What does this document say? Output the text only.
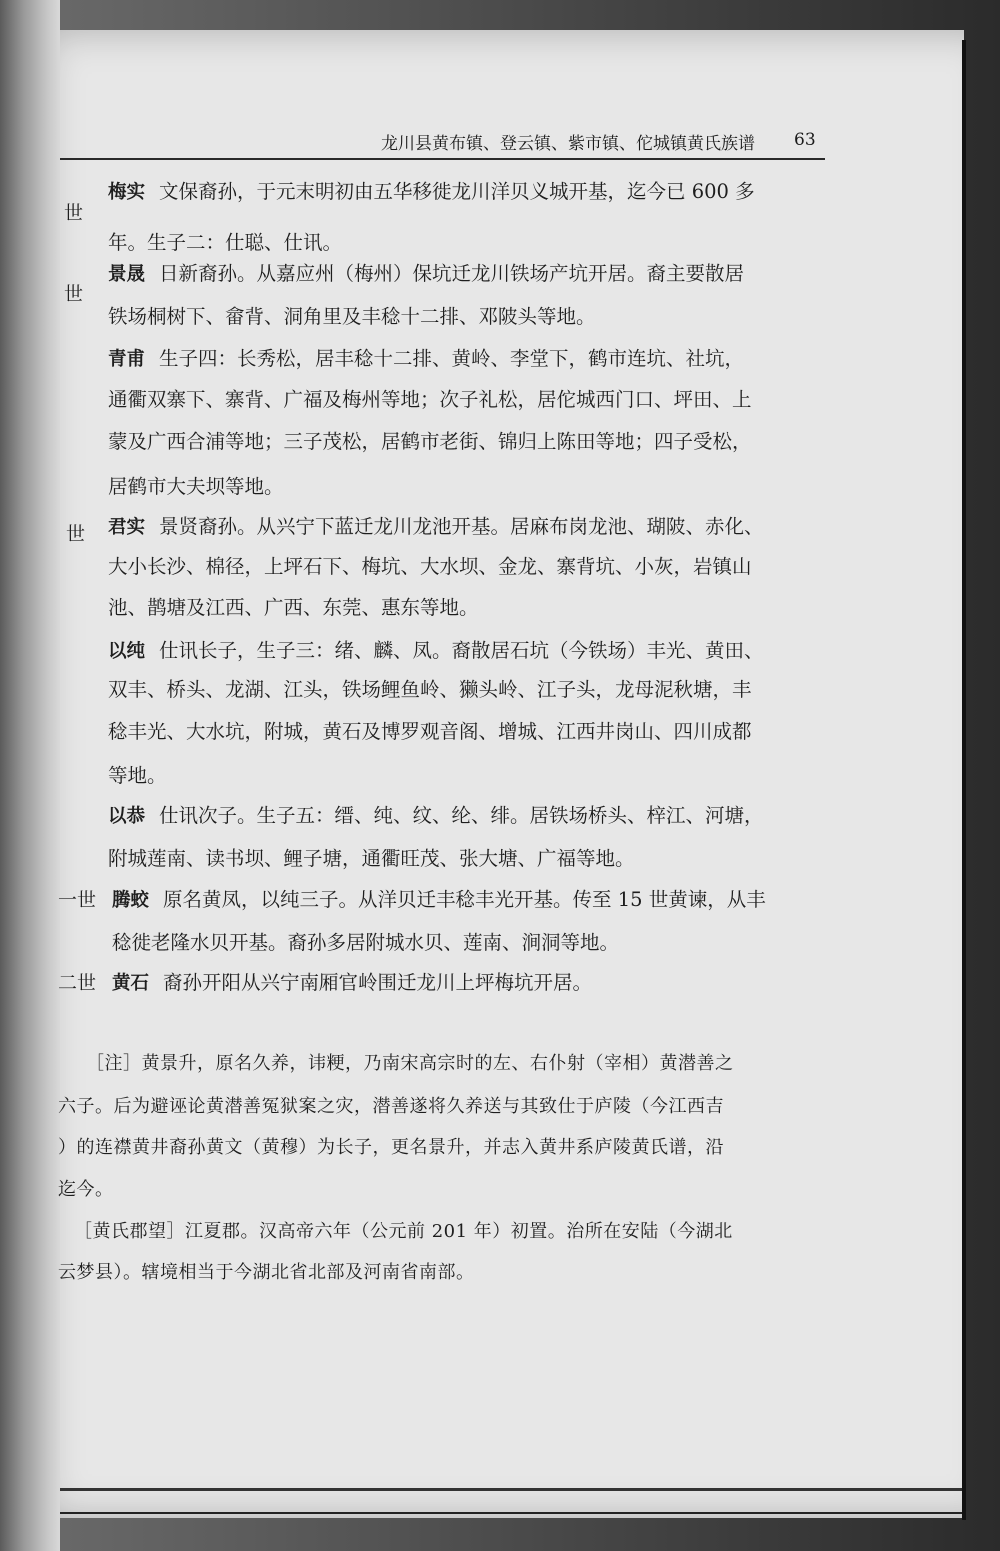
龙川县黄布镇、登云镇、紫市镇、佗城镇黄氏族谱	63
世
梅实 文保裔孙，于元末明初由五华移徙龙川洋贝义城开基，迄今已 600 多
年。生子二：仕聪、仕讯。
世
景晟 日新裔孙。从嘉应州（梅州）保坑迁龙川铁场产坑开居。裔主要散居
铁场桐树下、畲背、洞角里及丰稔十二排、邓陂头等地。
青甫 生子四：长秀松，居丰稔十二排、黄岭、李堂下，鹤市连坑、社坑，
通衢双寨下、寨背、广福及梅州等地；次子礼松，居佗城西门口、坪田、上
蒙及广西合浦等地；三子茂松，居鹤市老街、锦归上陈田等地；四子受松，
居鹤市大夫坝等地。
世 君实 景贤裔孙。从兴宁下蓝迁龙川龙池开基。居麻布岗龙池、瑚陂、赤化、
大小长沙、棉径，上坪石下、梅坑、大水坝、金龙、寨背坑、小灰，岩镇山
池、鹊塘及江西、广西、东莞、惠东等地。
以纯 仕讯长子，生子三：绪、麟、凤。裔散居石坑（今铁场）丰光、黄田、
双丰、桥头、龙湖、江头，铁场鲤鱼岭、獭头岭、江子头，龙母泥秋塘，丰
稔丰光、大水坑，附城，黄石及博罗观音阁、增城、江西井岗山、四川成都
等地。
以恭 仕讯次子。生子五：缙、纯、纹、纶、绯。居铁场桥头、梓江、河塘，
附城莲南、读书坝、鲤子塘，通衢旺茂、张大塘、广福等地。
一世 腾蛟 原名黄凤，以纯三子。从洋贝迁丰稔丰光开基。传至 15 世黄谏，从丰
稔徙老隆水贝开基。裔孙多居附城水贝、莲南、涧洞等地。
二世 黄石 裔孙开阳从兴宁南厢官岭围迁龙川上坪梅坑开居。
［注］黄景升，原名久养，讳粳，乃南宋高宗时的左、右仆射（宰相）黄潜善之
六子。后为避诬论黄潜善冤狱案之灾，潜善遂将久养送与其致仕于庐陵（今江西吉
）的连襟黄井裔孙黄文（黄穆）为长子，更名景升，并志入黄井系庐陵黄氏谱，沿
迄今。
［黄氏郡望］江夏郡。汉高帝六年（公元前 201 年）初置。治所在安陆（今湖北
云梦县）。辖境相当于今湖北省北部及河南省南部。
